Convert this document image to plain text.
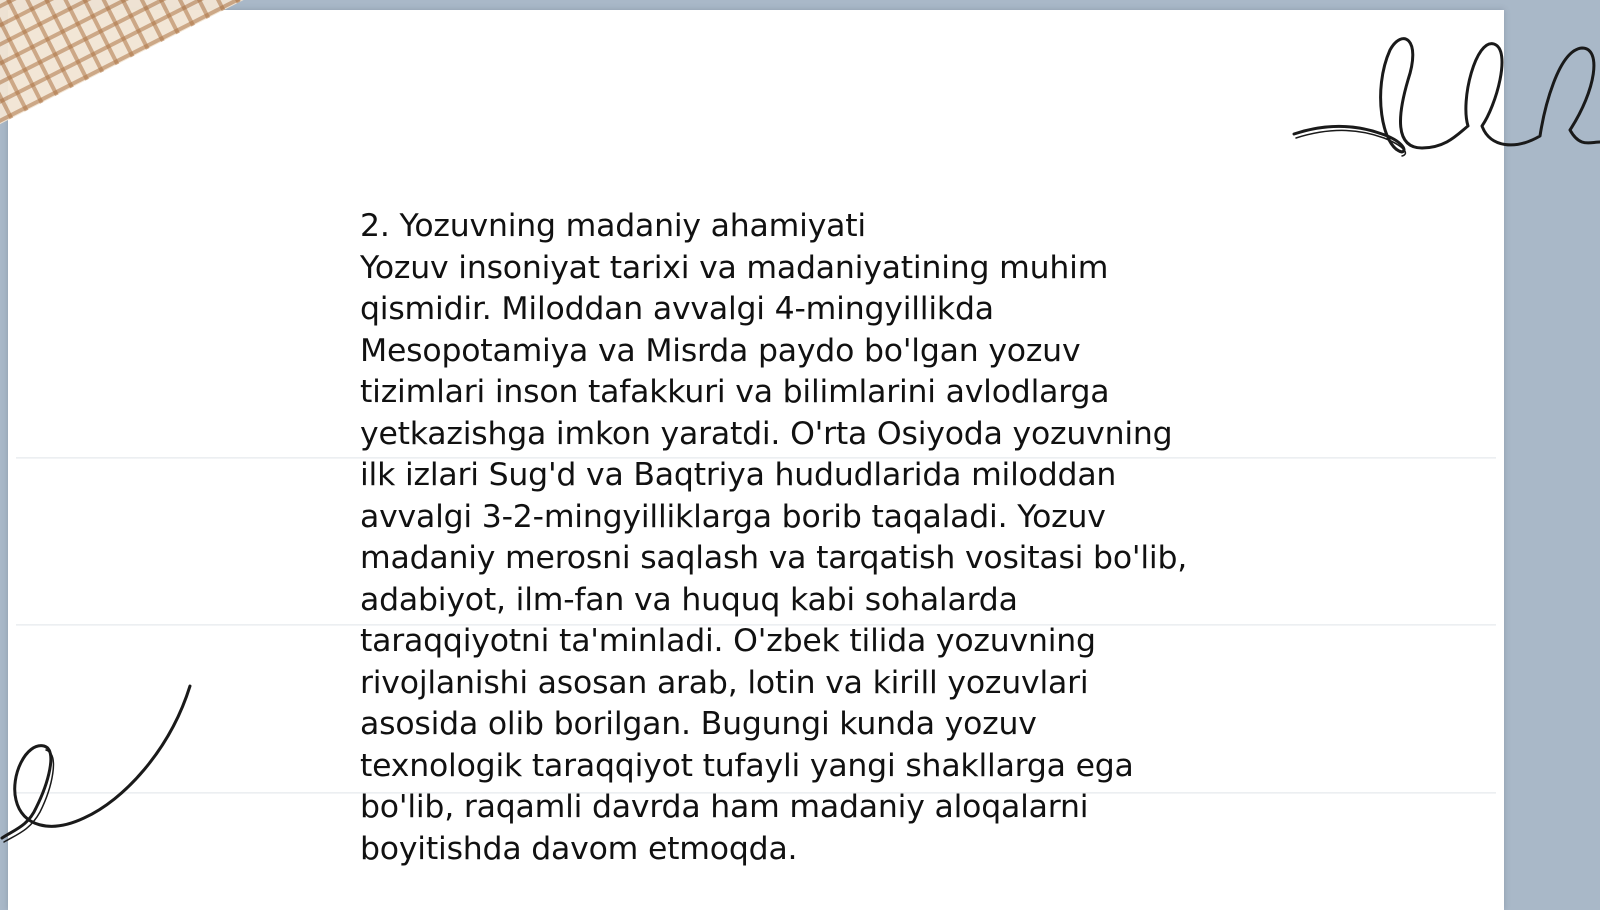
2. Yozuvning madaniy ahamiyati
Yozuv insoniyat tarixi va madaniyatining muhim
qismidir. Miloddan avvalgi 4-mingyillikda
Mesopotamiya va Misrda paydo bo'lgan yozuv
tizimlari inson tafakkuri va bilimlarini avlodlarga
yetkazishga imkon yaratdi. O'rta Osiyoda yozuvning
ilk izlari Sug'd va Baqtriya hududlarida miloddan
avvalgi 3-2-mingyilliklarga borib taqaladi. Yozuv
madaniy merosni saqlash va tarqatish vositasi bo'lib,
adabiyot, ilm-fan va huquq kabi sohalarda
taraqqiyotni ta'minladi. O'zbek tilida yozuvning
rivojlanishi asosan arab, lotin va kirill yozuvlari
asosida olib borilgan. Bugungi kunda yozuv
texnologik taraqqiyot tufayli yangi shakllarga ega
bo'lib, raqamli davrda ham madaniy aloqalarni
boyitishda davom etmoqda.
